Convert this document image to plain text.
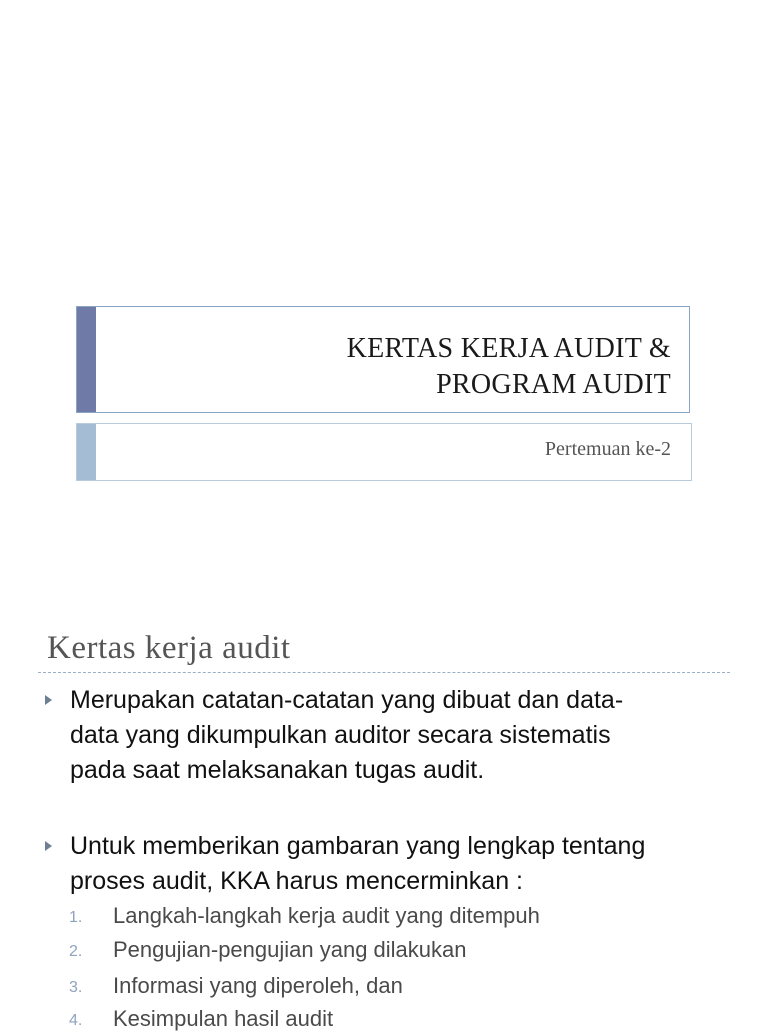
KERTAS KERJA AUDIT &
PROGRAM AUDIT
Pertemuan ke-2
Kertas kerja audit
Merupakan catatan-catatan yang dibuat dan data-
data yang dikumpulkan auditor secara sistematis
pada saat melaksanakan tugas audit.
Untuk memberikan gambaran yang lengkap tentang
proses audit, KKA harus mencerminkan :
1. Langkah-langkah kerja audit yang ditempuh
2. Pengujian-pengujian yang dilakukan
3. Informasi yang diperoleh, dan
4. Kesimpulan hasil audit
